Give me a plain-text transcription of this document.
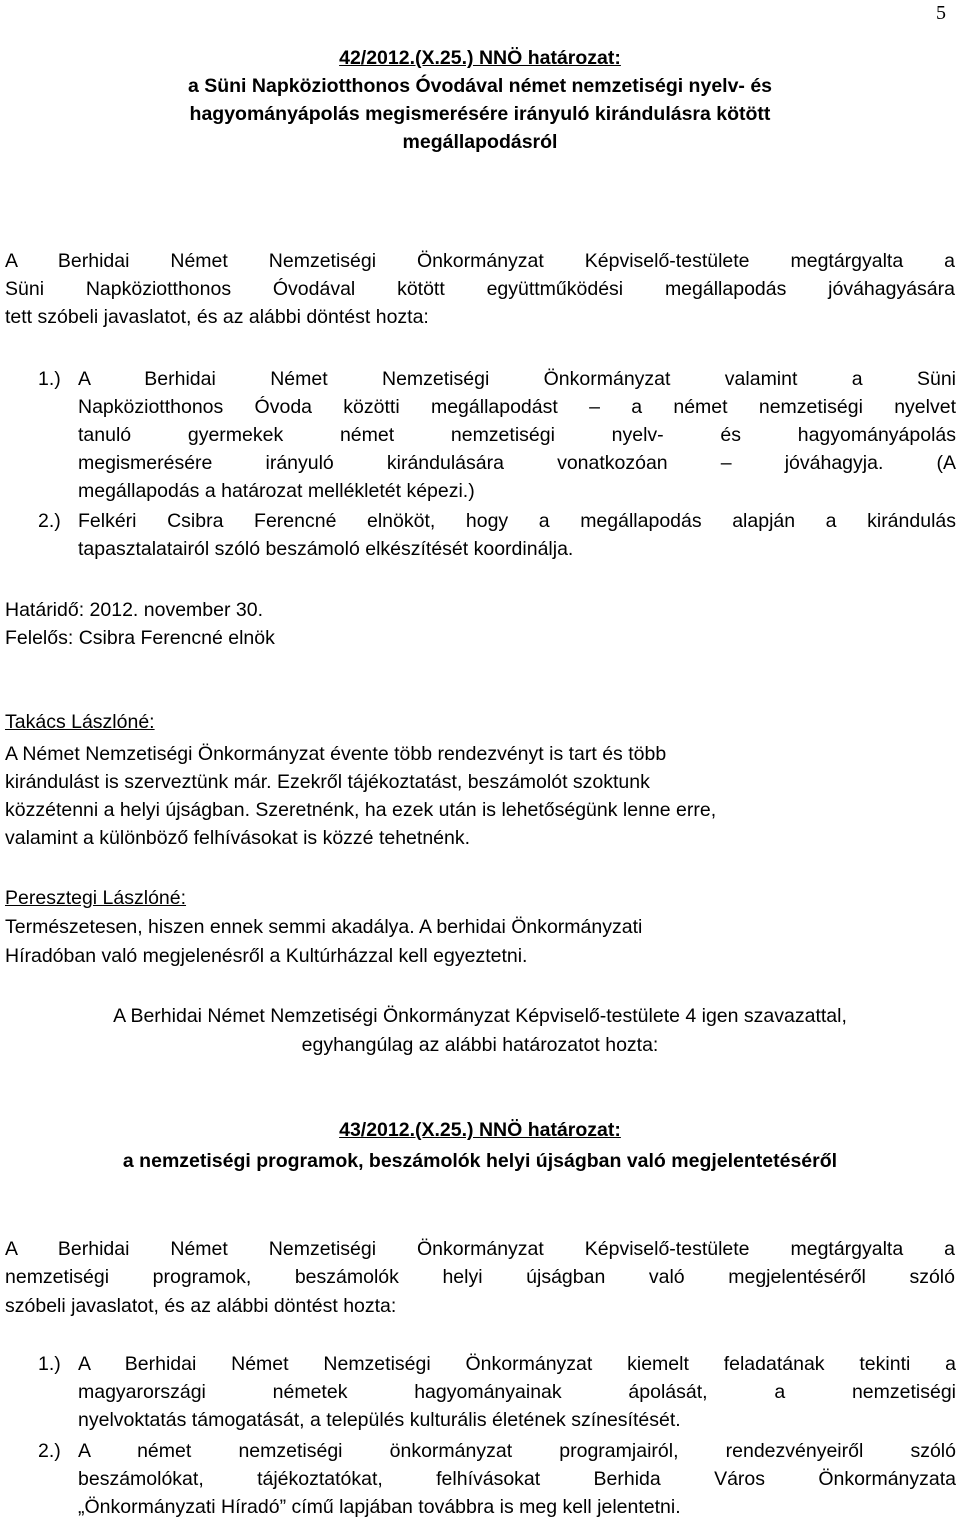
5
42/2012.(X.25.) NNÖ határozat:
a Süni Napköziotthonos Óvodával német nemzetiségi nyelv- és
hagyományápolás megismerésére irányuló kirándulásra kötött
megállapodásról
A Berhidai Német Nemzetiségi Önkormányzat Képviselő-testülete megtárgyalta a
Süni Napköziotthonos Óvodával kötött együttműködési megállapodás jóváhagyására
tett szóbeli javaslatot, és az alábbi döntést hozta:
1.) A Berhidai Német Nemzetiségi Önkormányzat valamint a Süni
Napköziotthonos Óvoda közötti megállapodást – a német nemzetiségi nyelvet
tanuló gyermekek német nemzetiségi nyelv- és hagyományápolás
megismerésére irányuló kirándulására vonatkozóan – jóváhagyja. (A
megállapodás a határozat mellékletét képezi.)
2.) Felkéri Csibra Ferencné elnököt, hogy a megállapodás alapján a kirándulás
tapasztalatairól szóló beszámoló elkészítését koordinálja.
Határidő: 2012. november 30.
Felelős: Csibra Ferencné elnök
Takács Lászlóné:
A Német Nemzetiségi Önkormányzat évente több rendezvényt is tart és több
kirándulást is szerveztünk már. Ezekről tájékoztatást, beszámolót szoktunk
közzétenni a helyi újságban. Szeretnénk, ha ezek után is lehetőségünk lenne erre,
valamint a különböző felhívásokat is közzé tehetnénk.
Peresztegi Lászlóné:
Természetesen, hiszen ennek semmi akadálya. A berhidai Önkormányzati
Híradóban való megjelenésről a Kultúrházzal kell egyeztetni.
A Berhidai Német Nemzetiségi Önkormányzat Képviselő-testülete 4 igen szavazattal,
egyhangúlag az alábbi határozatot hozta:
43/2012.(X.25.) NNÖ határozat:
a nemzetiségi programok, beszámolók helyi újságban való megjelentetéséről
A Berhidai Német Nemzetiségi Önkormányzat Képviselő-testülete megtárgyalta a
nemzetiségi programok, beszámolók helyi újságban való megjelentéséről szóló
szóbeli javaslatot, és az alábbi döntést hozta:
1.) A Berhidai Német Nemzetiségi Önkormányzat kiemelt feladatának tekinti a
magyarországi németek hagyományainak ápolását, a nemzetiségi
nyelvoktatás támogatását, a település kulturális életének színesítését.
2.) A német nemzetiségi önkormányzat programjairól, rendezvényeiről szóló
beszámolókat, tájékoztatókat, felhívásokat Berhida Város Önkormányzata
„Önkormányzati Híradó” című lapjában továbbra is meg kell jelentetni.
